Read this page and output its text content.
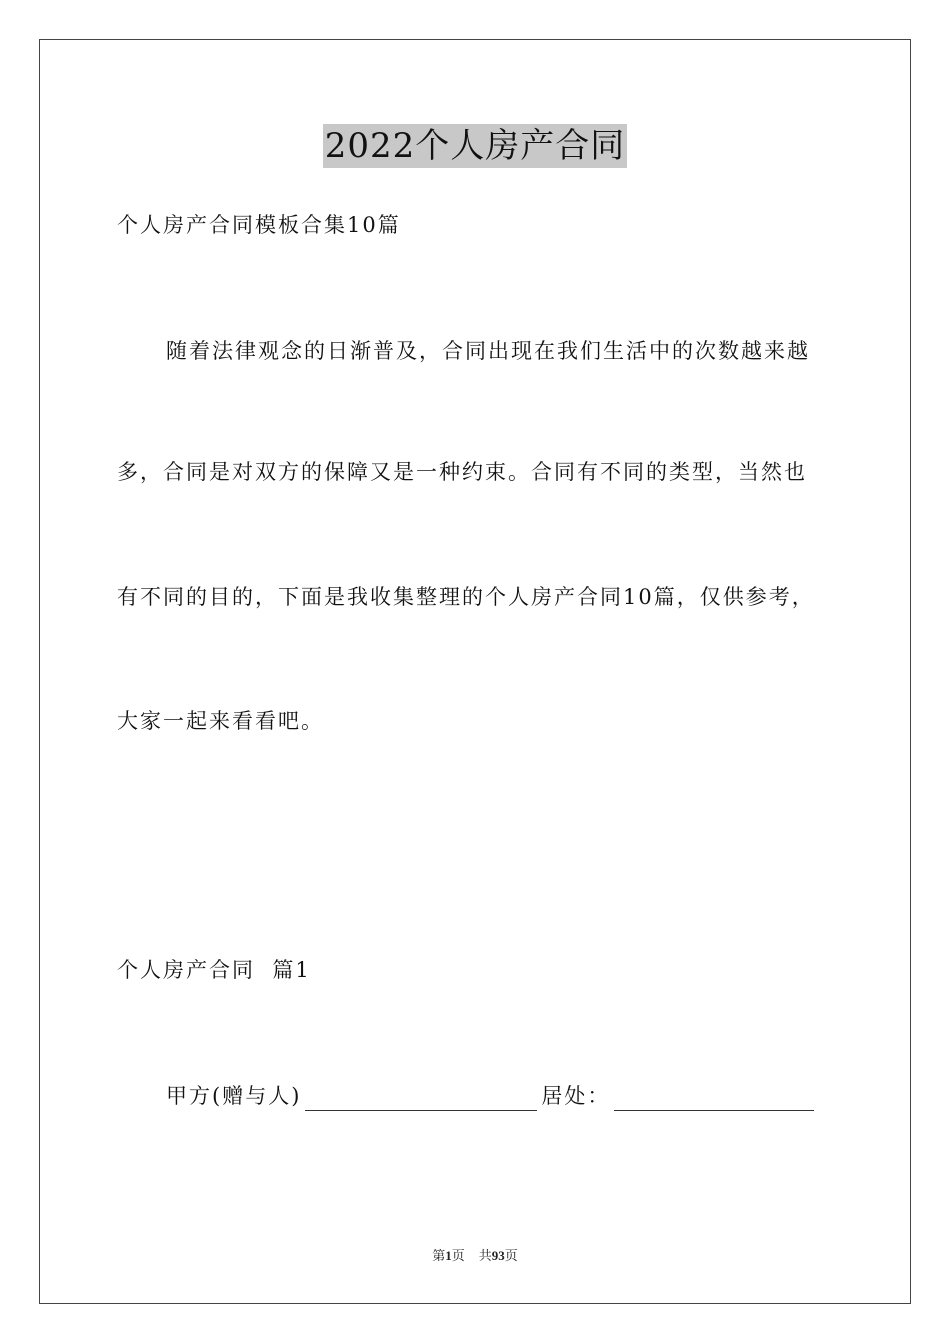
2022个人房产合同
个人房产合同模板合集10篇
随着法律观念的日渐普及，合同出现在我们生活中的次数越来越
多，合同是对双方的保障又是一种约束。合同有不同的类型，当然也
有不同的目的，下面是我收集整理的个人房产合同10篇，仅供参考，
大家一起来看看吧。
个人房产合同  篇1
甲方(赠与人)	居处：
第1页 共93页
